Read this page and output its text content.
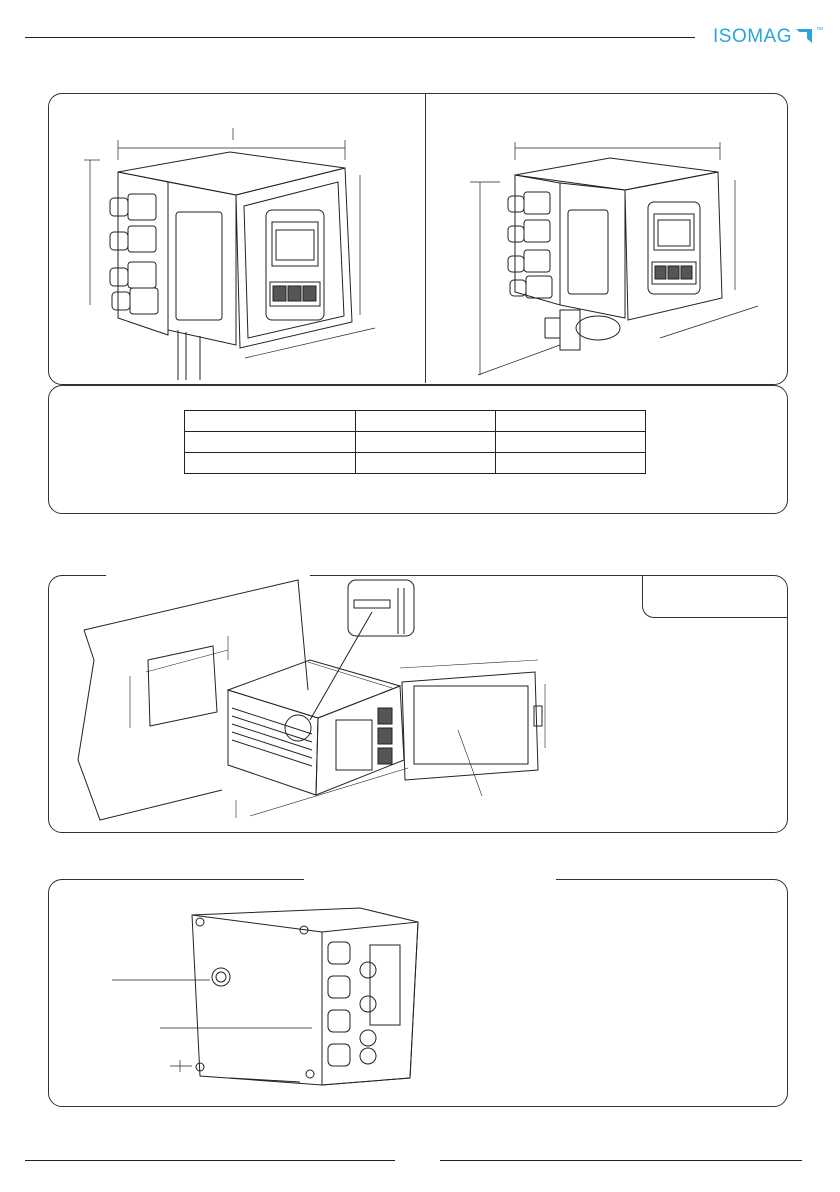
ISOMAG	™
